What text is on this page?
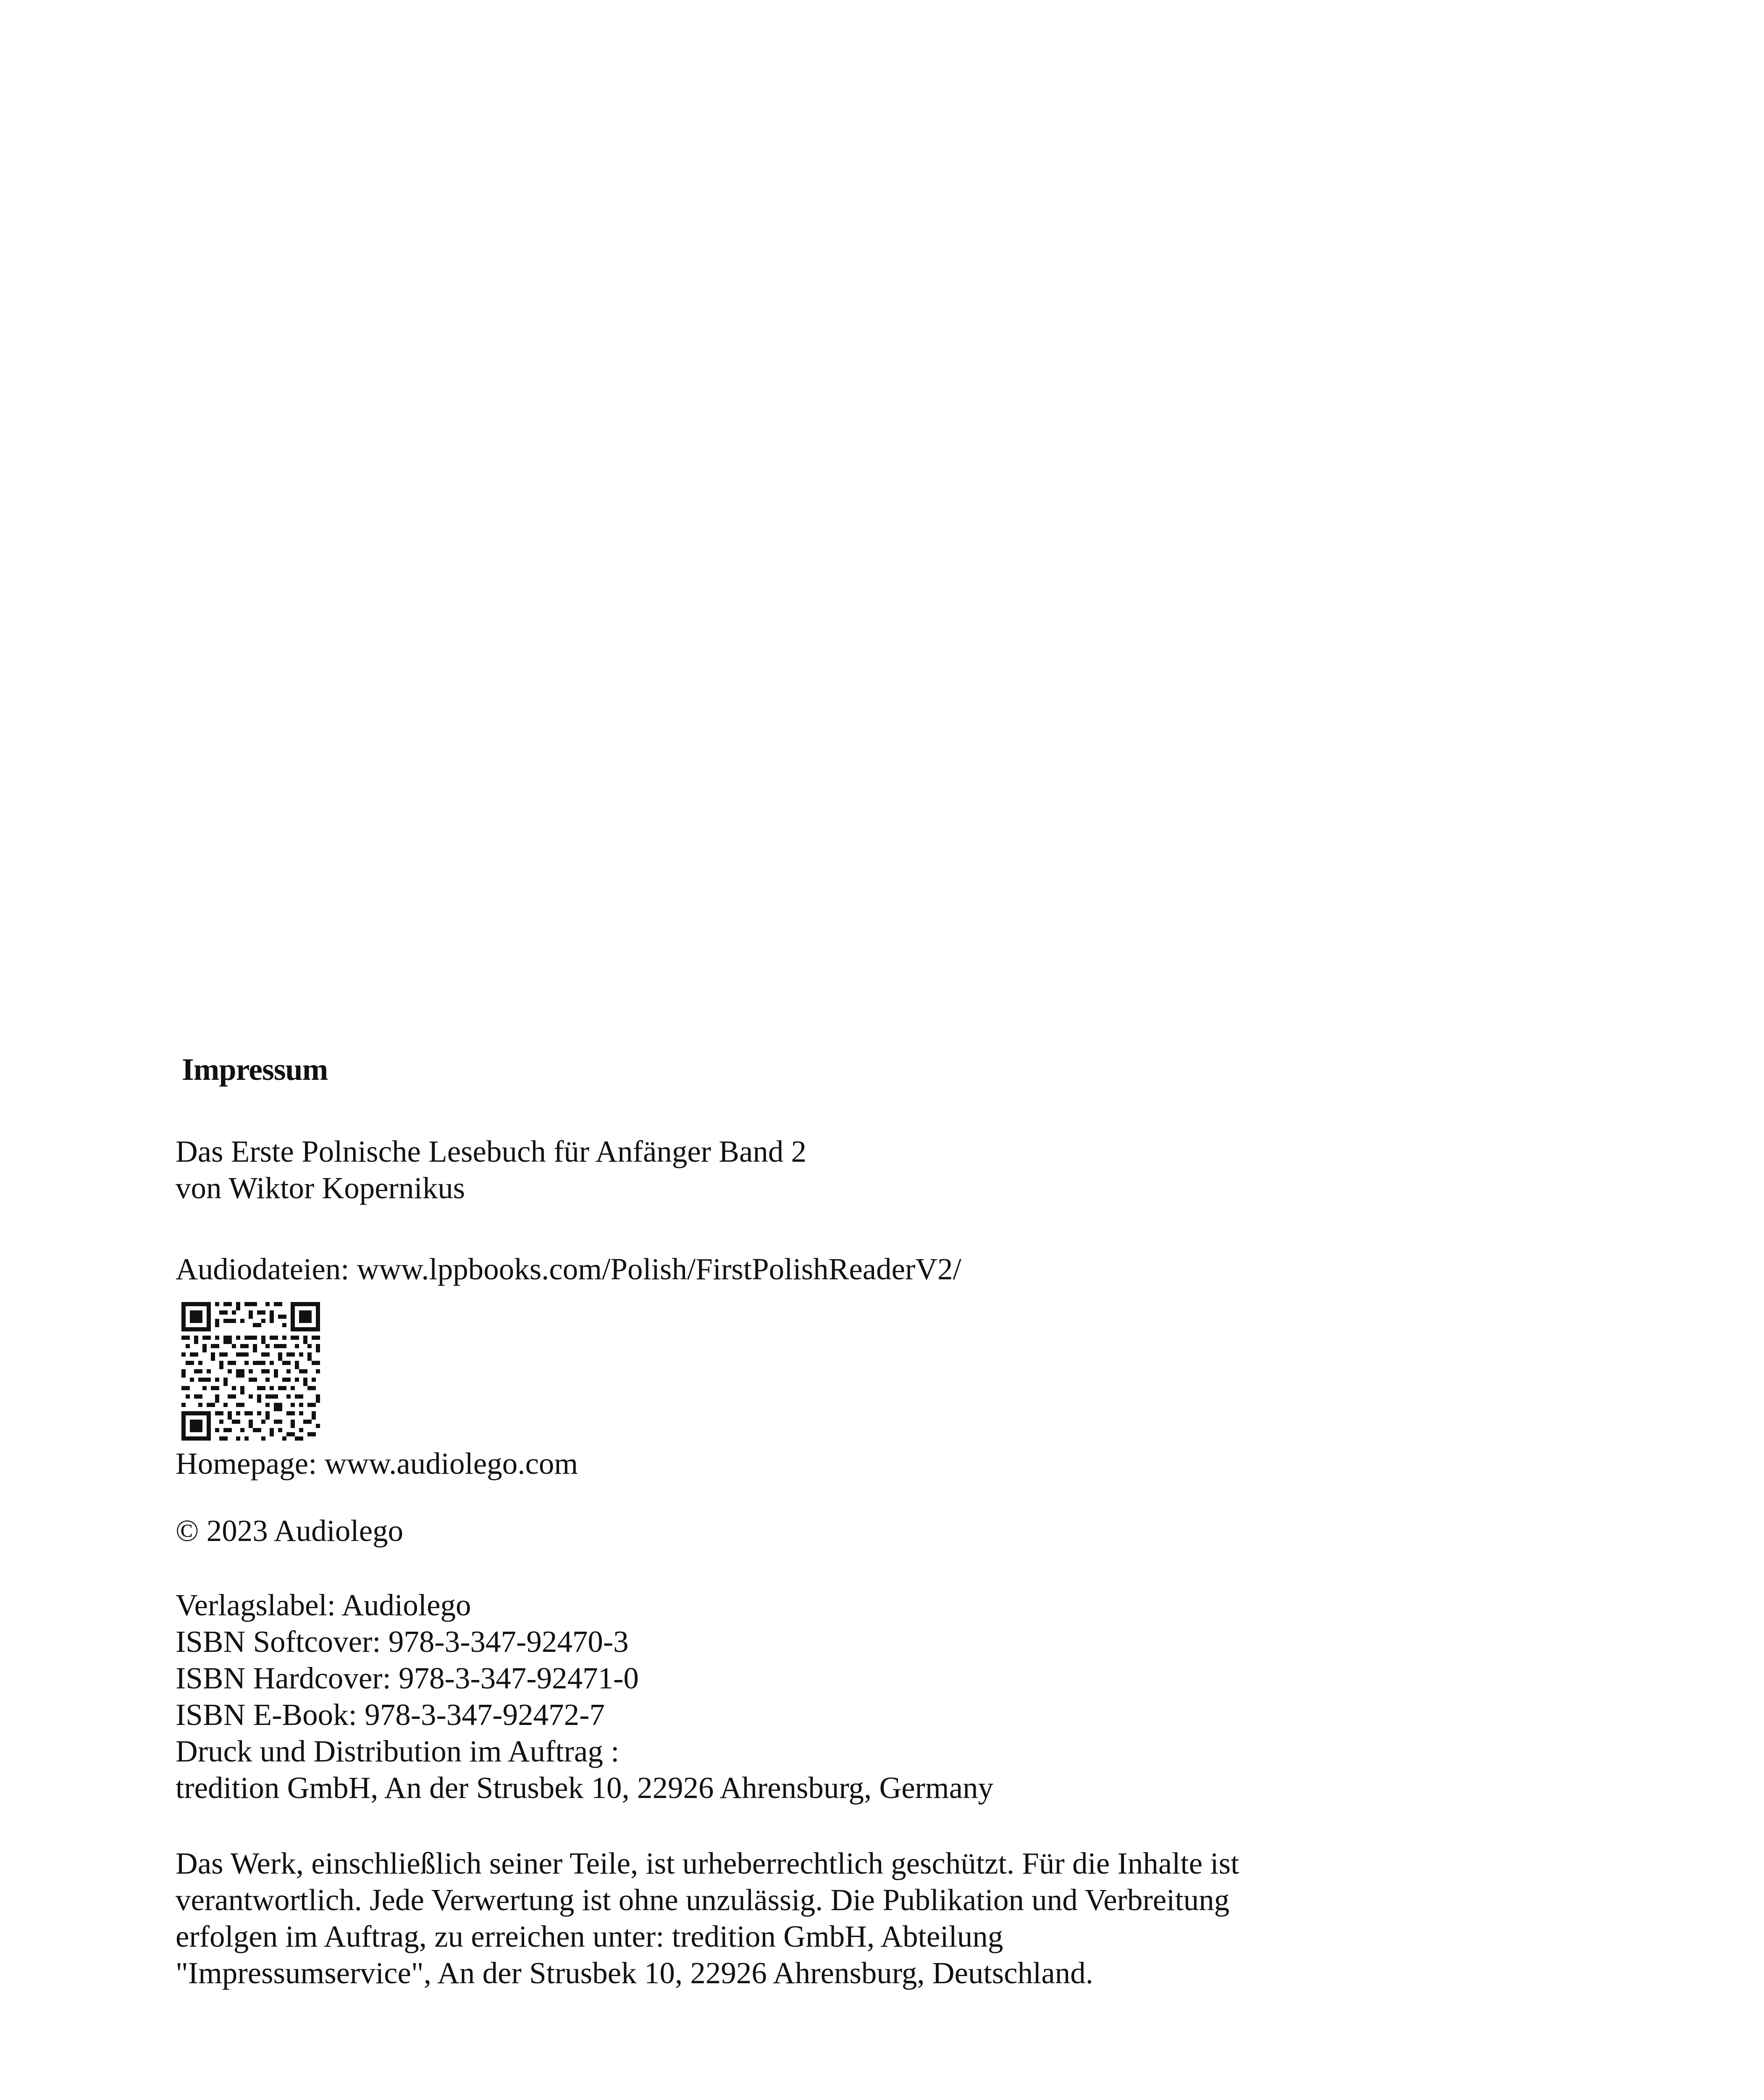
Impressum
Das Erste Polnische Lesebuch für Anfänger Band 2
von Wiktor Kopernikus
Audiodateien: www.lppbooks.com/Polish/FirstPolishReaderV2/
Homepage: www.audiolego.com
© 2023 Audiolego
Verlagslabel: Audiolego
ISBN Softcover: 978-3-347-92470-3
ISBN Hardcover: 978-3-347-92471-0
ISBN E-Book: 978-3-347-92472-7
Druck und Distribution im Auftrag :
tredition GmbH, An der Strusbek 10, 22926 Ahrensburg, Germany
Das Werk, einschließlich seiner Teile, ist urheberrechtlich geschützt. Für die Inhalte ist
verantwortlich. Jede Verwertung ist ohne unzulässig. Die Publikation und Verbreitung
erfolgen im Auftrag, zu erreichen unter: tredition GmbH, Abteilung
"Impressumservice", An der Strusbek 10, 22926 Ahrensburg, Deutschland.
